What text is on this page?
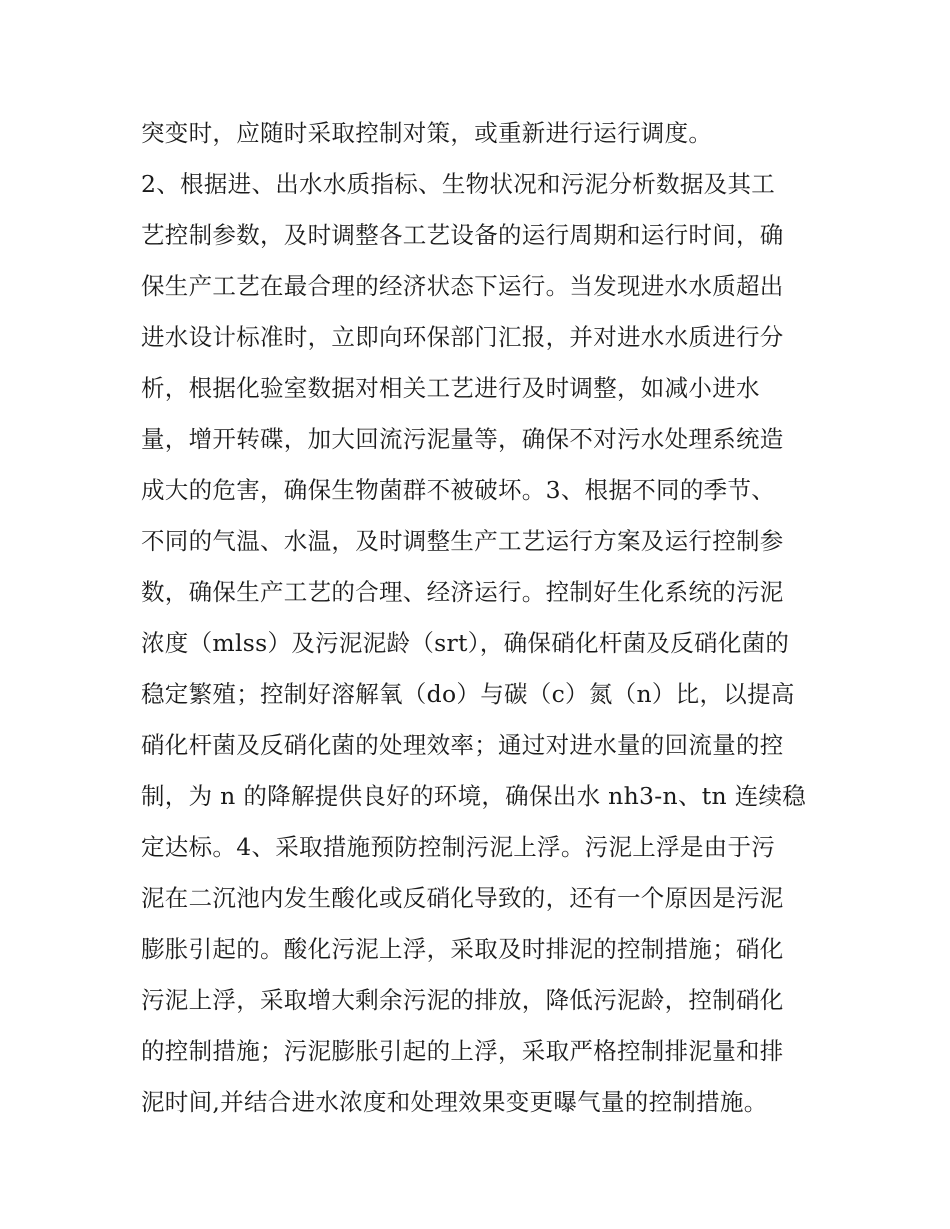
突变时，应随时采取控制对策，或重新进行运行调度。
2、根据进、出水水质指标、生物状况和污泥分析数据及其工
艺控制参数，及时调整各工艺设备的运行周期和运行时间，确
保生产工艺在最合理的经济状态下运行。当发现进水水质超出
进水设计标准时，立即向环保部门汇报，并对进水水质进行分
析，根据化验室数据对相关工艺进行及时调整，如减小进水
量，增开转碟，加大回流污泥量等，确保不对污水处理系统造
成大的危害，确保生物菌群不被破坏。3、根据不同的季节、
不同的气温、水温，及时调整生产工艺运行方案及运行控制参
数，确保生产工艺的合理、经济运行。控制好生化系统的污泥
浓度（mlss）及污泥泥龄（srt），确保硝化杆菌及反硝化菌的
稳定繁殖；控制好溶解氧（do）与碳（c）氮（n）比，以提高
硝化杆菌及反硝化菌的处理效率；通过对进水量的回流量的控
制，为 n 的降解提供良好的环境，确保出水 nh3-n、tn 连续稳
定达标。4、采取措施预防控制污泥上浮。污泥上浮是由于污
泥在二沉池内发生酸化或反硝化导致的，还有一个原因是污泥
膨胀引起的。酸化污泥上浮，采取及时排泥的控制措施；硝化
污泥上浮，采取增大剩余污泥的排放，降低污泥龄，控制硝化
的控制措施；污泥膨胀引起的上浮，采取严格控制排泥量和排
泥时间,并结合进水浓度和处理效果变更曝气量的控制措施。
